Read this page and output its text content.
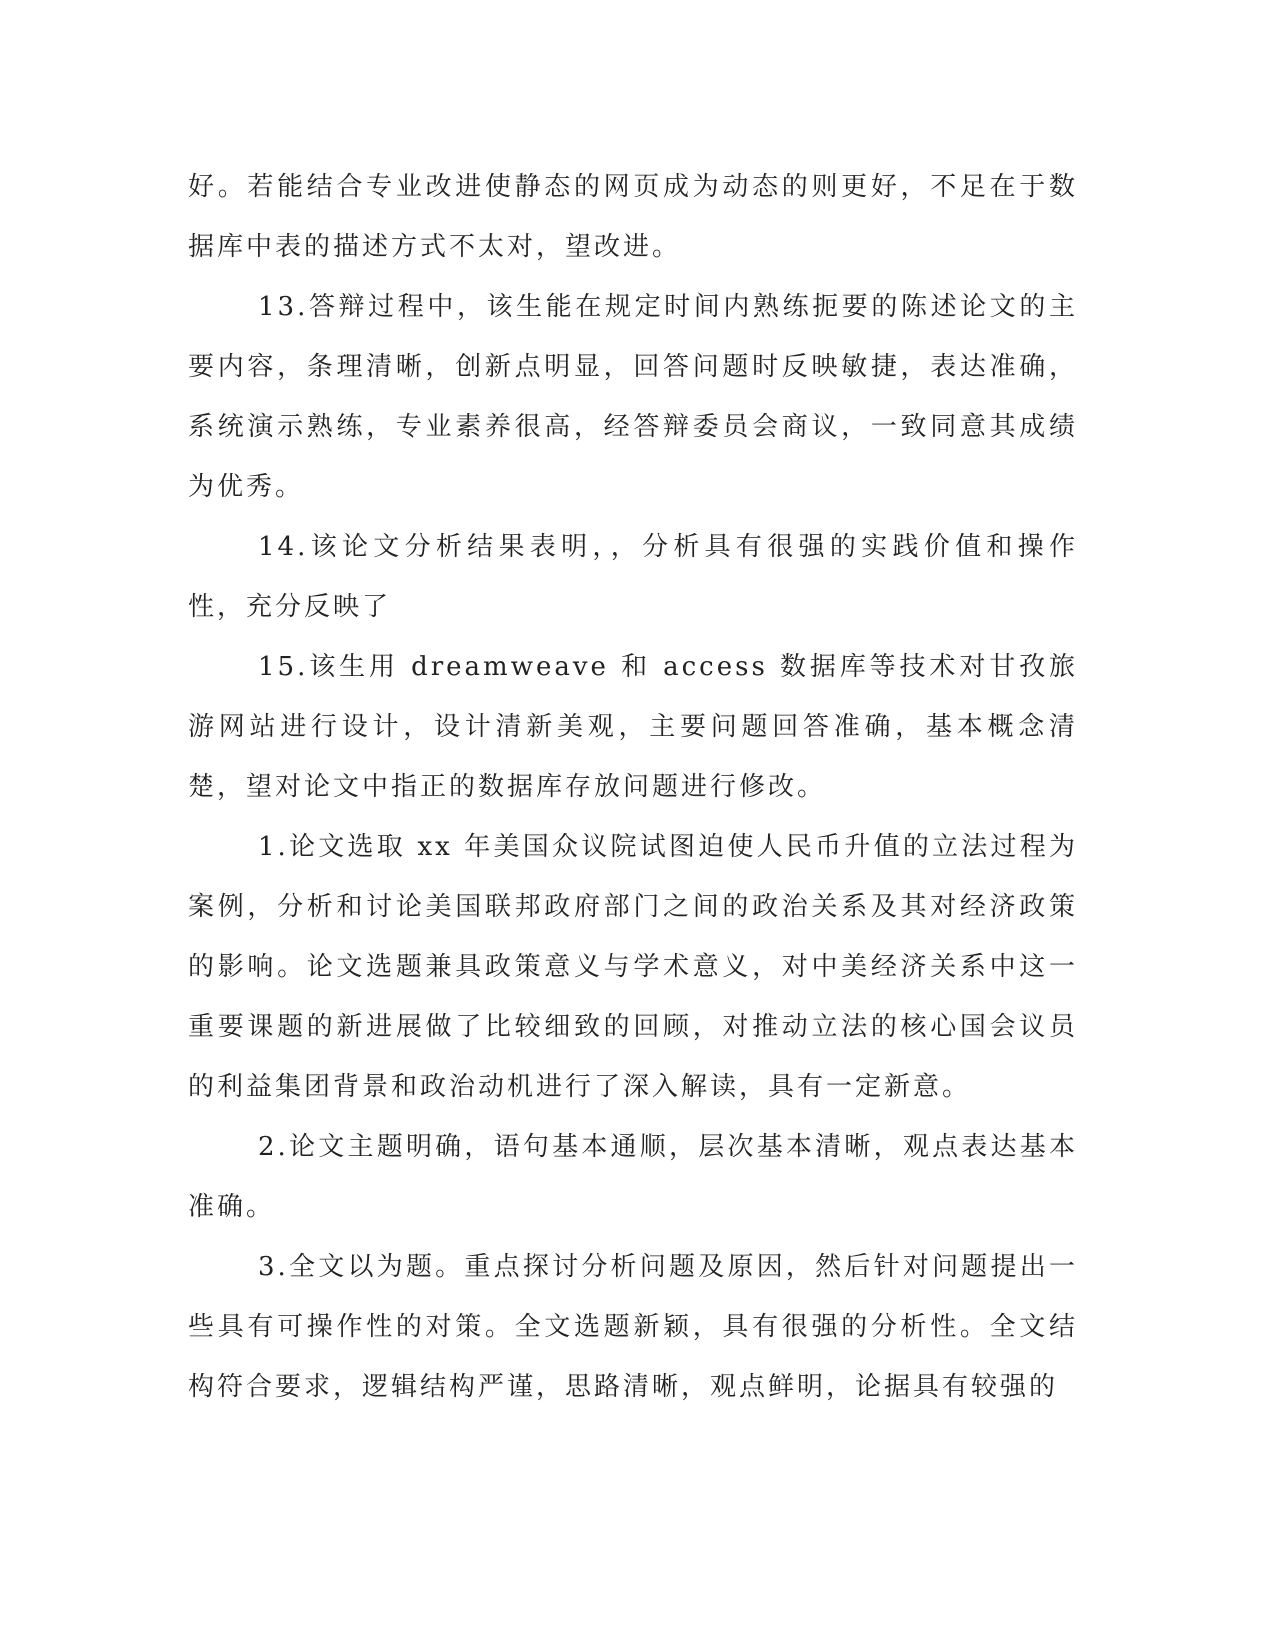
好。若能结合专业改进使静态的网页成为动态的则更好，不足在于数据库中表的描述方式不太对，望改进。

13.答辩过程中，该生能在规定时间内熟练扼要的陈述论文的主要内容，条理清晰，创新点明显，回答问题时反映敏捷，表达准确，系统演示熟练，专业素养很高，经答辩委员会商议，一致同意其成绩为优秀。

14.该论文分析结果表明，，分析具有很强的实践价值和操作性，充分反映了

15.该生用 dreamweave 和 access 数据库等技术对甘孜旅游网站进行设计，设计清新美观，主要问题回答准确，基本概念清楚，望对论文中指正的数据库存放问题进行修改。

1.论文选取 xx 年美国众议院试图迫使人民币升值的立法过程为案例，分析和讨论美国联邦政府部门之间的政治关系及其对经济政策的影响。论文选题兼具政策意义与学术意义，对中美经济关系中这一重要课题的新进展做了比较细致的回顾，对推动立法的核心国会议员的利益集团背景和政治动机进行了深入解读，具有一定新意。

2.论文主题明确，语句基本通顺，层次基本清晰，观点表达基本准确。

3.全文以为题。重点探讨分析问题及原因，然后针对问题提出一些具有可操作性的对策。全文选题新颖，具有很强的分析性。全文结构符合要求，逻辑结构严谨，思路清晰，观点鲜明，论据具有较强的
